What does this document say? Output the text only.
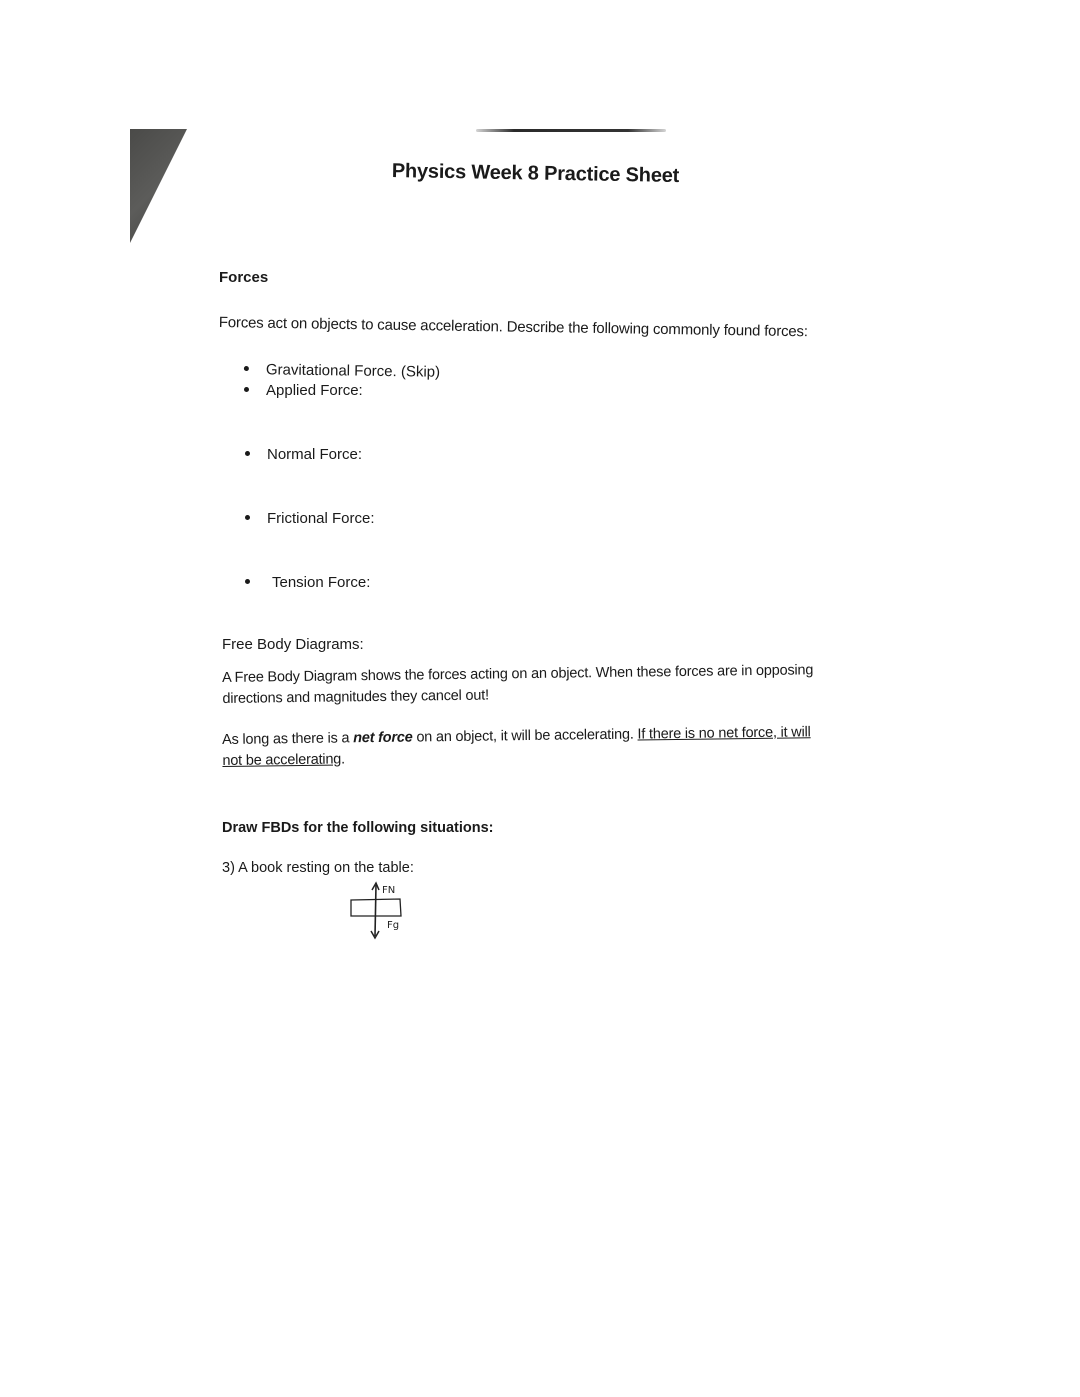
Physics Week 8 Practice Sheet
Forces
Forces act on objects to cause acceleration. Describe the following commonly found forces:
Gravitational Force. (Skip)
Applied Force:
Normal Force:
Frictional Force:
Tension Force:
Free Body Diagrams:
A Free Body Diagram shows the forces acting on an object. When these forces are in opposing
directions and magnitudes they cancel out!
As long as there is a net force on an object, it will be accelerating. If there is no net force, it will
not be accelerating.
Draw FBDs for the following situations:
3) A book resting on the table:
FN
Fg
